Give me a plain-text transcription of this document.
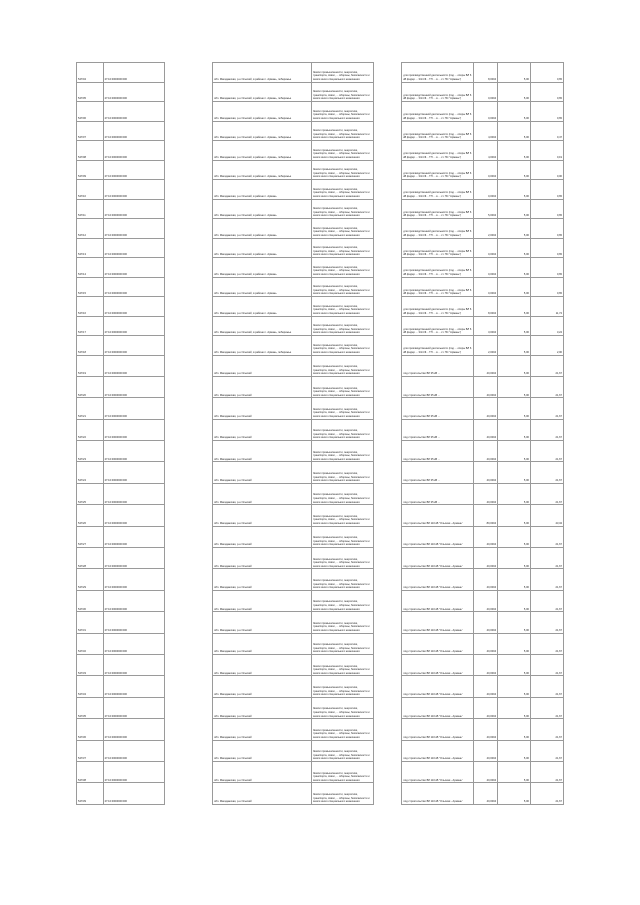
547/04	27:10:0000000:000		обл. Магаданская, р-н Ольский, в районе п. Армань, побережье	Земли промышленности, энергетики, транспорта, связи, ... обороны, безопасности и земли иного специального назначения		для производственной деятельности (под ... опоры ВЛ 6 кВ фидер ... 3/14 Ф... ТП ... в ... ст. ПС "Армань")	8,0004	5,00	0,65
547/05	27:10:0000000:000		обл. Магаданская, р-н Ольский, в районе п. Армань, побережье	Земли промышленности, энергетики, транспорта, связи, ... обороны, безопасности и земли иного специального назначения		для производственной деятельности (под ... опоры ВЛ 6 кВ фидер ... 3/14 Ф... ТП ... в ... ст. ПС "Армань")	0,0004	5,00	0,65
547/06	27:10:0000000:000		обл. Магаданская, р-н Ольский, в районе п. Армань, побережье	Земли промышленности, энергетики, транспорта, связи, ... обороны, безопасности и земли иного специального назначения		для производственной деятельности (под ... опоры ВЛ 6 кВ фидер ... 3/14 Ф... ТП ... в ... ст. ПС "Армань")	0,0004	5,00	0,65
547/07	27:10:0000000:000		обл. Магаданская, р-н Ольский, в районе п. Армань, побережье	Земли промышленности, энергетики, транспорта, связи, ... обороны, безопасности и земли иного специального назначения		для производственной деятельности (под ... опоры ВЛ 6 кВ фидер ... 3/14 Ф... ТП ... в ... ст. ПС "Армань")	4,0004	5,00	0,47
547/08	27:10:0000000:000		обл. Магаданская, р-н Ольский, в районе п. Армань, побережье	Земли промышленности, энергетики, транспорта, связи, ... обороны, безопасности и земли иного специального назначения		для производственной деятельности (под ... опоры ВЛ 6 кВ фидер ... 3/14 Ф... ТП ... в ... ст. ПС "Армань")	4,0004	5,00	0,19
547/09	27:10:0000000:000		обл. Магаданская, р-н Ольский, в районе п. Армань, побережье	Земли промышленности, энергетики, транспорта, связи, ... обороны, безопасности и земли иного специального назначения		для производственной деятельности (под ... опоры ВЛ 6 кВ фидер ... 3/14 Ф... ТП ... в ... ст. ПС "Армань")	0,0004	5,00	0,00
547/10	27:10:0000000:000		обл. Магаданская, р-н Ольский, в районе п. Армань	Земли промышленности, энергетики, транспорта, связи, ... обороны, безопасности и земли иного специального назначения		для производственной деятельности (под ... опоры ВЛ 6 кВ фидер ... 3/14 Ф... ТП ... в ... ст. ПС "Армань")	0,0004	5,00	0,65
547/11	27:10:0000000:000		обл. Магаданская, р-н Ольский, в районе п. Армань	Земли промышленности, энергетики, транспорта, связи, ... обороны, безопасности и земли иного специального назначения		для производственной деятельности (под ... опоры ВЛ 6 кВ фидер ... 3/14 Ф... ТП ... в ... ст. ПС "Армань")	5,0004	5,00	0,65
547/12	27:10:0000000:000		обл. Магаданская, р-н Ольский, в районе п. Армань	Земли промышленности, энергетики, транспорта, связи, ... обороны, безопасности и земли иного специального назначения		для производственной деятельности (под ... опоры ВЛ 6 кВ фидер ... 3/14 Ф... ТП ... в ... ст. ПС "Армань")	2,0004	5,00	0,65
547/13	27:10:0000000:000		обл. Магаданская, р-н Ольский, в районе п. Армань	Земли промышленности, энергетики, транспорта, связи, ... обороны, безопасности и земли иного специального назначения		для производственной деятельности (под ... опоры ВЛ 6 кВ фидер ... 3/14 Ф... ТП ... в ... ст. ПС "Армань")	0,0004	5,00	0,65
547/14	27:10:0000000:000		обл. Магаданская, р-н Ольский, в районе п. Армань	Земли промышленности, энергетики, транспорта, связи, ... обороны, безопасности и земли иного специального назначения		для производственной деятельности (под ... опоры ВЛ 6 кВ фидер ... 3/14 Ф... ТП ... в ... ст. ПС "Армань")	0,0004	5,00	0,65
547/15	27:10:0000000:000		обл. Магаданская, р-н Ольский, в районе п. Армань	Земли промышленности, энергетики, транспорта, связи, ... обороны, безопасности и земли иного специального назначения		для производственной деятельности (под ... опоры ВЛ 6 кВ фидер ... 3/14 Ф... ТП ... в ... ст. ПС "Армань")	0,0004	5,00	0,65
547/16	27:10:0000000:000		обл. Магаданская, р-н Ольский, в районе п. Армань	Земли промышленности, энергетики, транспорта, связи, ... обороны, безопасности и земли иного специального назначения		для производственной деятельности (под ... опоры ВЛ 6 кВ фидер ... 3/14 Ф... ТП ... в ... ст. ПС "Армань")	8,0004	5,00	11,74
547/17	27:10:0000000:000		обл. Магаданская, р-н Ольский, в районе п. Армань, побережье	Земли промышленности, энергетики, транспорта, связи, ... обороны, безопасности и земли иного специального назначения		для производственной деятельности (под ... опоры ВЛ 6 кВ фидер ... 3/14 Ф... ТП ... в ... ст. ПС "Армань")	3,0004	5,00	3,24
547/18	27:10:0000000:000		обл. Магаданская, р-н Ольский, в районе п. Армань, побережье	Земли промышленности, энергетики, транспорта, связи, ... обороны, безопасности и земли иного специального назначения		для производственной деятельности (под ... опоры ВЛ 6 кВ фидер ... 3/14 Ф... ТП ... в ... ст. ПС "Армань")	2,0004	5,00	2,00
547/19	27:10:0000000:000		обл. Магаданская, р-н Ольский	Земли промышленности, энергетики, транспорта, связи, ... обороны, безопасности и земли иного специального назначения		под строительство ВЛ 35 кВ ...	40,0004	5,00	21,67
547/20	27:10:0000000:000		обл. Магаданская, р-н Ольский	Земли промышленности, энергетики, транспорта, связи, ... обороны, безопасности и земли иного специального назначения		под строительство ВЛ 35 кВ ...	40,0004	5,00	21,67
547/21	27:10:0000000:000		обл. Магаданская, р-н Ольский	Земли промышленности, энергетики, транспорта, связи, ... обороны, безопасности и земли иного специального назначения		под строительство ВЛ 35 кВ ...	40,0004	5,00	21,67
547/22	27:10:0000000:000		обл. Магаданская, р-н Ольский	Земли промышленности, энергетики, транспорта, связи, ... обороны, безопасности и земли иного специального назначения		под строительство ВЛ 35 кВ ...	40,0004	5,00	21,67
547/23	27:10:0000000:000		обл. Магаданская, р-н Ольский	Земли промышленности, энергетики, транспорта, связи, ... обороны, безопасности и земли иного специального назначения		под строительство ВЛ 35 кВ ...	40,0004	5,00	21,67
547/24	27:10:0000000:000		обл. Магаданская, р-н Ольский	Земли промышленности, энергетики, транспорта, связи, ... обороны, безопасности и земли иного специального назначения		под строительство ВЛ 35 кВ ...	40,0004	5,00	21,67
547/25	27:10:0000000:000		обл. Магаданская, р-н Ольский	Земли промышленности, энергетики, транспорта, связи, ... обороны, безопасности и земли иного специального назначения		под строительство ВЛ 35 кВ ...	40,0004	5,00	21,67
547/26	27:10:0000000:000		обл. Магаданская, р-н Ольский	Земли промышленности, энергетики, транспорта, связи, ... обороны, безопасности и земли иного специального назначения		под строительство ВЛ 110 кВ "Ольская - Армань"	80,0004	5,00	43,34
547/27	27:10:0000000:000		обл. Магаданская, р-н Ольский	Земли промышленности, энергетики, транспорта, связи, ... обороны, безопасности и земли иного специального назначения		под строительство ВЛ 110 кВ "Ольская - Армань"	40,0004	5,00	21,67
547/28	27:10:0000000:000		обл. Магаданская, р-н Ольский	Земли промышленности, энергетики, транспорта, связи, ... обороны, безопасности и земли иного специального назначения		под строительство ВЛ 110 кВ "Ольская - Армань"	40,0004	5,00	21,67
547/29	27:10:0000000:000		обл. Магаданская, р-н Ольский	Земли промышленности, энергетики, транспорта, связи, ... обороны, безопасности и земли иного специального назначения		под строительство ВЛ 110 кВ "Ольская - Армань"	40,0004	5,00	21,67
547/30	27:10:0000000:000		обл. Магаданская, р-н Ольский	Земли промышленности, энергетики, транспорта, связи, ... обороны, безопасности и земли иного специального назначения		под строительство ВЛ 110 кВ "Ольская - Армань"	40,0004	5,00	21,67
547/31	27:10:0000000:000		обл. Магаданская, р-н Ольский	Земли промышленности, энергетики, транспорта, связи, ... обороны, безопасности и земли иного специального назначения		под строительство ВЛ 110 кВ "Ольская - Армань"	40,0004	5,00	21,67
547/32	27:10:0000000:000		обл. Магаданская, р-н Ольский	Земли промышленности, энергетики, транспорта, связи, ... обороны, безопасности и земли иного специального назначения		под строительство ВЛ 110 кВ "Ольская - Армань"	40,0004	5,00	21,67
547/33	27:10:0000000:000		обл. Магаданская, р-н Ольский	Земли промышленности, энергетики, транспорта, связи, ... обороны, безопасности и земли иного специального назначения		под строительство ВЛ 110 кВ "Ольская - Армань"	40,0004	5,00	21,67
547/34	27:10:0000000:000		обл. Магаданская, р-н Ольский	Земли промышленности, энергетики, транспорта, связи, ... обороны, безопасности и земли иного специального назначения		под строительство ВЛ 110 кВ "Ольская - Армань"	40,0004	5,00	21,67
547/35	27:10:0000000:000		обл. Магаданская, р-н Ольский	Земли промышленности, энергетики, транспорта, связи, ... обороны, безопасности и земли иного специального назначения		под строительство ВЛ 110 кВ "Ольская - Армань"	40,0004	5,00	21,67
547/36	27:10:0000000:000		обл. Магаданская, р-н Ольский	Земли промышленности, энергетики, транспорта, связи, ... обороны, безопасности и земли иного специального назначения		под строительство ВЛ 110 кВ "Ольская - Армань"	40,0004	5,00	21,67
547/37	27:10:0000000:000		обл. Магаданская, р-н Ольский	Земли промышленности, энергетики, транспорта, связи, ... обороны, безопасности и земли иного специального назначения		под строительство ВЛ 110 кВ "Ольская - Армань"	40,0004	5,00	21,67
547/38	27:10:0000000:000		обл. Магаданская, р-н Ольский	Земли промышленности, энергетики, транспорта, связи, ... обороны, безопасности и земли иного специального назначения		под строительство ВЛ 110 кВ "Ольская - Армань"	40,0004	5,00	21,67
547/39	27:10:0000000:000		обл. Магаданская, р-н Ольский	Земли промышленности, энергетики, транспорта, связи, ... обороны, безопасности и земли иного специального назначения		под строительство ВЛ 110 кВ "Ольская - Армань"	40,0004	5,00	21,67
